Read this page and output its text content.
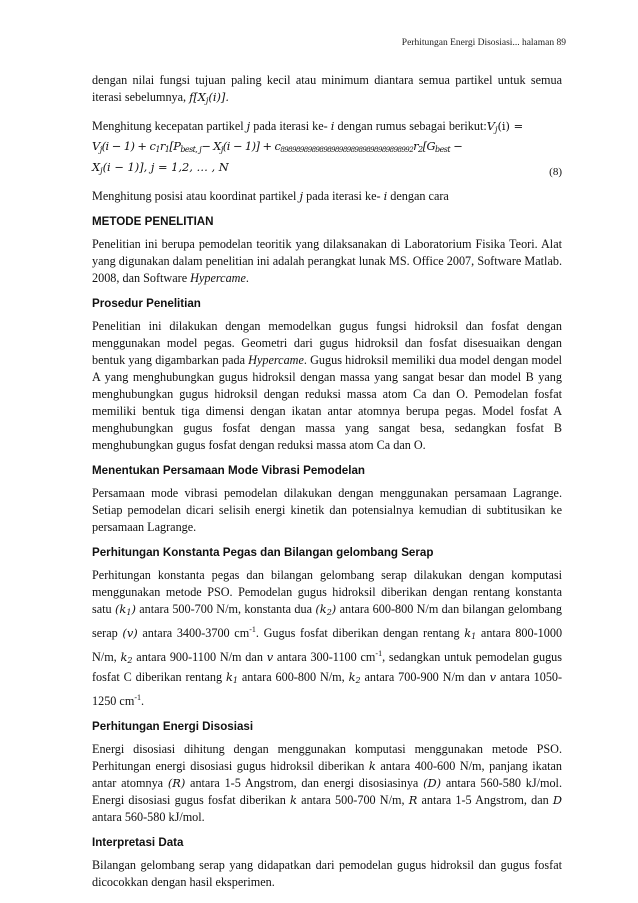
Perhitungan Energi Disosiasi... halaman 89

dengan nilai fungsi tujuan paling kecil atau minimum diantara semua partikel untuk semua iterasi sebelumnya, $f[X_j(i)]$.

Menghitung kecepatan partikel j pada iterasi ke- i dengan rumus sebagai $berikut:V_j(i)$ =
$V_j(i - 1) + c_1r_1[P_{best, j}- X_j(i - 1)] + c_{8989898989898989898989898989898992}r_2[G_{best}$ −
$X_j(i - 1)$], j = 1,2, … , N	(8)

Menghitung posisi atau koordinat partikel j pada iterasi ke- i dengan cara

METODE PENELITIAN

Penelitian ini berupa pemodelan teoritik yang dilaksanakan di Laboratorium Fisika Teori. Alat yang digunakan dalam penelitian ini adalah perangkat lunak MS. Office 2007, Software Matlab. 2008, dan Software Hypercame.

Prosedur Penelitian

Penelitian ini dilakukan dengan memodelkan gugus fungsi hidroksil dan fosfat dengan menggunakan model pegas. Geometri dari gugus hidroksil dan fosfat disesuaikan dengan bentuk yang digambarkan pada Hypercame. Gugus hidroksil memiliki dua model dengan model A yang menghubungkan gugus hidroksil dengan massa yang sangat besar dan model B yang menghubungkan gugus hidroksil dengan reduksi massa atom Ca dan O. Pemodelan fosfat memiliki bentuk tiga dimensi dengan ikatan antar atomnya berupa pegas. Model fosfat A menghubungkan gugus fosfat dengan massa yang sangat besa, sedangkan fosfat B menghubungkan gugus fosfat dengan reduksi massa atom Ca dan O.

Menentukan Persamaan Mode Vibrasi Pemodelan

Persamaan mode vibrasi pemodelan dilakukan dengan menggunakan persamaan Lagrange. Setiap pemodelan dicari selisih energi kinetik dan potensialnya kemudian di subtitusikan ke persamaan Lagrange.

Perhitungan Konstanta Pegas dan Bilangan gelombang Serap

Perhitungan konstanta pegas dan bilangan gelombang serap dilakukan dengan komputasi menggunakan metode PSO. Pemodelan gugus hidroksil diberikan dengan rentang konstanta satu $(k_1)$ antara 500-700 N/m, konstanta dua $(k_2)$ antara 600-800 N/m dan bilangan gelombang serap (v) antara 3400-3700 $cm^{-1}$. Gugus fosfat diberikan dengan rentang $k_1$ antara 800-1000 N/m, $k_2$ antara 900-1100 N/m dan v antara 300-1100 $cm^{-1}$, sedangkan untuk pemodelan gugus fosfat C diberikan rentang $k_1$ antara 600-800 N/m, $k_2$ antara 700-900 N/m dan v antara 1050-1250 $cm^{-1}$.

Perhitungan Energi Disosiasi

Energi disosiasi dihitung dengan menggunakan komputasi menggunakan metode PSO. Perhitungan energi disosiasi gugus hidroksil diberikan k antara 400-600 N/m, panjang ikatan antar atomnya (R) antara 1-5 Angstrom, dan energi disosiasinya (D) antara 560-580 kJ/mol. Energi disosiasi gugus fosfat diberikan k antara 500-700 N/m, R antara 1-5 Angstrom, dan D antara 560-580 kJ/mol.

Interpretasi Data

Bilangan gelombang serap yang didapatkan dari pemodelan gugus hidroksil dan gugus fosfat dicocokkan dengan hasil eksperimen.
